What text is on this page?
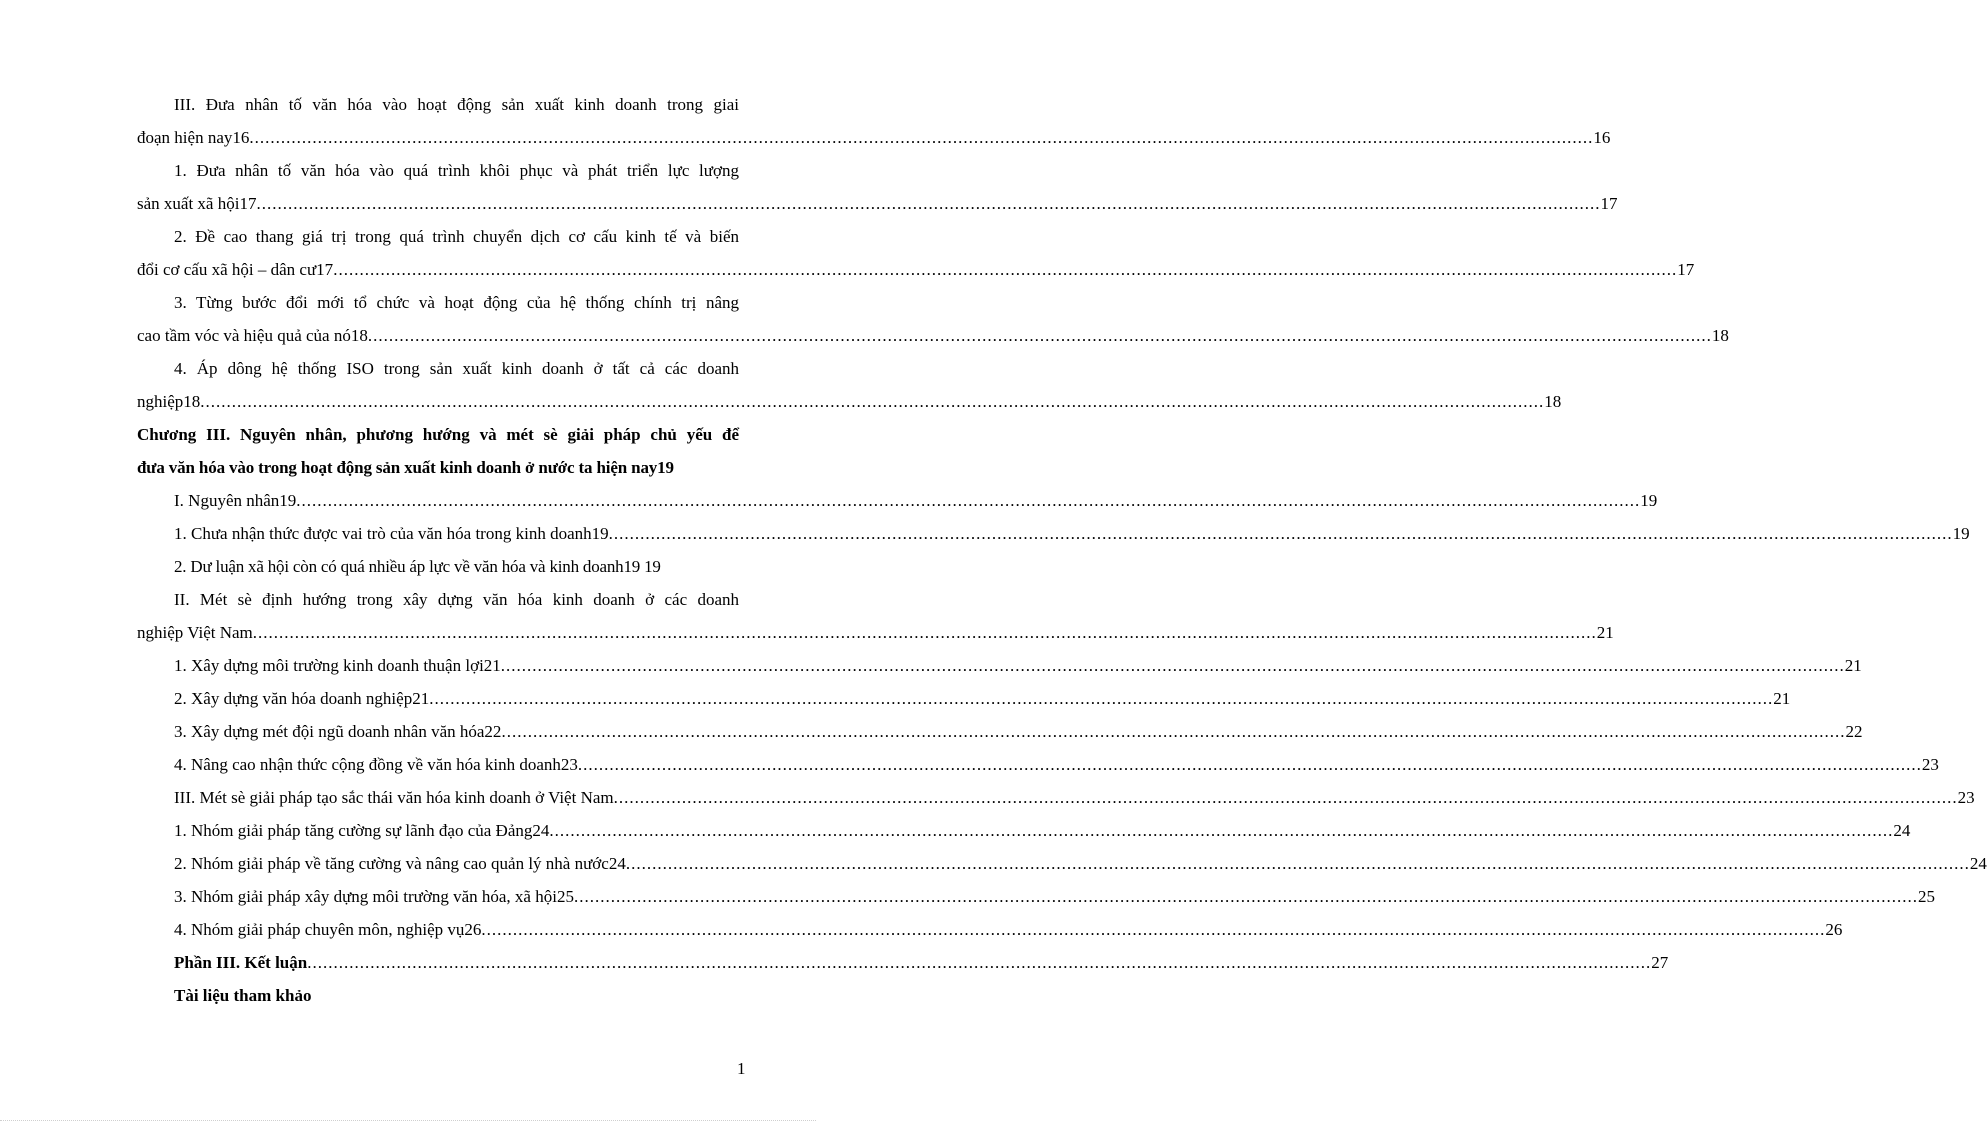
III. Đưa nhân tố văn hóa vào hoạt động sản xuất kinh doanh trong giai
đoạn hiện nay16 ................................................................................................................................................................................................................................................................ 16
1. Đưa nhân tố văn hóa vào quá trình khôi phục và phát triển lực lượng
sản xuất xã hội17 ................................................................................................................................................................................................................................................................ 17
2. Đề cao thang giá trị trong quá trình chuyển dịch cơ cấu kinh tế và biến
đổi cơ cấu xã hội – dân cư17 ................................................................................................................................................................................................................................................................ 17
3. Từng bước đổi mới tổ chức và hoạt động của hệ thống chính trị nâng
cao tầm vóc và hiệu quả của nó18 ................................................................................................................................................................................................................................................................ 18
4. Áp dông hệ thống ISO trong sản xuất kinh doanh ở tất cả các doanh
nghiệp18 ................................................................................................................................................................................................................................................................ 18
Chương III. Nguyên nhân, phương hướng và mét sè giải pháp chủ yếu để
đưa văn hóa vào trong hoạt động sản xuất kinh doanh ở nước ta hiện nay19
I. Nguyên nhân19 ................................................................................................................................................................................................................................................................ 19
1. Chưa nhận thức được vai trò của văn hóa trong kinh doanh19 ................................................................................................................................................................................................................................................................ 19
2. Dư luận xã hội còn có quá nhiều áp lực về văn hóa và kinh doanh19 19
II. Mét sè định hướng trong xây dựng văn hóa kinh doanh ở các doanh
nghiệp Việt Nam ................................................................................................................................................................................................................................................................ 21
1. Xây dựng môi trường kinh doanh thuận lợi21 ................................................................................................................................................................................................................................................................ 21
2. Xây dựng văn hóa doanh nghiệp21 ................................................................................................................................................................................................................................................................ 21
3. Xây dựng mét đội ngũ doanh nhân văn hóa22 ................................................................................................................................................................................................................................................................ 22
4. Nâng cao nhận thức cộng đồng về văn hóa kinh doanh23 ................................................................................................................................................................................................................................................................ 23
III. Mét sè giải pháp tạo sắc thái văn hóa kinh doanh ở Việt Nam ................................................................................................................................................................................................................................................................ 23
1. Nhóm giải pháp tăng cường sự lãnh đạo của Đảng24 ................................................................................................................................................................................................................................................................ 24
2. Nhóm giải pháp về tăng cường và nâng cao quản lý nhà nước24 ................................................................................................................................................................................................................................................................ 24
3. Nhóm giải pháp xây dựng môi trường văn hóa, xã hội25 ................................................................................................................................................................................................................................................................ 25
4. Nhóm giải pháp chuyên môn, nghiệp vụ26 ................................................................................................................................................................................................................................................................ 26
Phần III. Kết luận ................................................................................................................................................................................................................................................................ 27
Tài liệu tham khảo
1
